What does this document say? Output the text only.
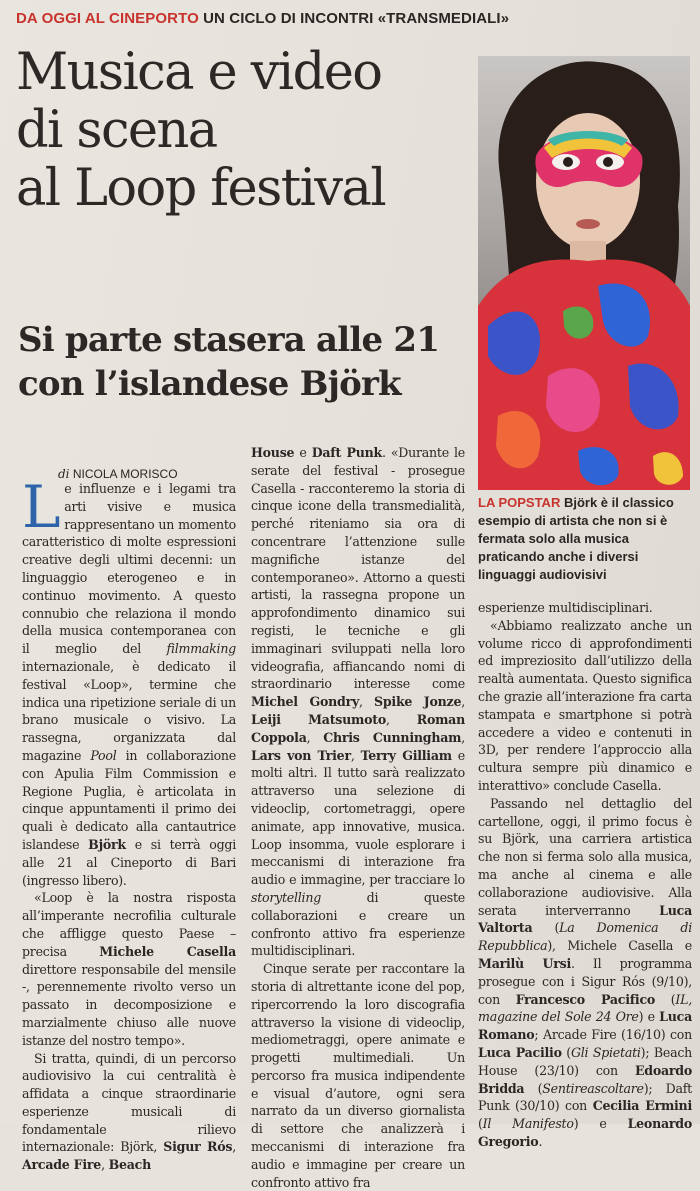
DA OGGI AL CINEPORTO UN CICLO DI INCONTRI «TRANSMEDIALI»
Musica e video
di scena
al Loop festival
Si parte stasera alle 21
con l’islandese Björk
LA POPSTAR Björk è il classico esempio di artista che non si è fermata solo alla musica praticando anche i diversi linguaggi audiovisivi
di NICOLA MORISCO

Le influenze e i legami tra arti visive e musica rappresentano un momento caratteristico di molte espressioni creative degli ultimi decenni: un linguaggio eterogeneo e in continuo movimento. A questo connubio che relaziona il mondo della musica contemporanea con il meglio del filmmaking internazionale, è dedicato il festival «Loop», termine che indica una ripetizione seriale di un brano musicale o visivo. La rassegna, organizzata dal magazine Pool in collaborazione con Apulia Film Commission e Regione Puglia, è articolata in cinque appuntamenti il primo dei quali è dedicato alla cantautrice islandese Björk e si terrà oggi alle 21 al Cineporto di Bari (ingresso libero).

«Loop è la nostra risposta all’imperante necrofilia culturale che affligge questo Paese – precisa Michele Casella direttore responsabile del mensile -, perennemente rivolto verso un passato in decomposizione e marzialmente chiuso alle nuove istanze del nostro tempo».

Si tratta, quindi, di un percorso audiovisivo la cui centralità è affidata a cinque straordinarie esperienze musicali di fondamentale rilievo internazionale: Björk, Sigur Rós, Arcade Fire, Beach

House e Daft Punk. «Durante le serate del festival - prosegue Casella - racconteremo la storia di cinque icone della transmedialità, perché riteniamo sia ora di concentrare l’attenzione sulle magnifiche istanze del contemporaneo». Attorno a questi artisti, la rassegna propone un approfondimento dinamico sui registi, le tecniche e gli immaginari sviluppati nella loro videografia, affiancando nomi di straordinario interesse come Michel Gondry, Spike Jonze, Leiji Matsumoto, Roman Coppola, Chris Cunningham, Lars von Trier, Terry Gilliam e molti altri. Il tutto sarà realizzato attraverso una selezione di videoclip, cortometraggi, opere animate, app innovative, musica. Loop insomma, vuole esplorare i meccanismi di interazione fra audio e immagine, per tracciare lo storytelling di queste collaborazioni e creare un confronto attivo fra esperienze multidisciplinari.

Cinque serate per raccontare la storia di altrettante icone del pop, ripercorrendo la loro discografia attraverso la visione di videoclip, mediometraggi, opere animate e progetti multimediali. Un percorso fra musica indipendente e visual d’autore, ogni sera narrato da un diverso giornalista di settore che analizzerà i meccanismi di interazione fra audio e immagine per creare un confronto attivo fra

esperienze multidisciplinari.

«Abbiamo realizzato anche un volume ricco di approfondimenti ed impreziosito dall’utilizzo della realtà aumentata. Questo significa che grazie all’interazione fra carta stampata e smartphone si potrà accedere a video e contenuti in 3D, per rendere l’approccio alla cultura sempre più dinamico e interattivo» conclude Casella.

Passando nel dettaglio del cartellone, oggi, il primo focus è su Björk, una carriera artistica che non si ferma solo alla musica, ma anche al cinema e alle collaborazione audiovisive. Alla serata interverranno Luca Valtorta (La Domenica di Repubblica), Michele Casella e Marilù Ursi. Il programma prosegue con i Sigur Rós (9/10), con Francesco Pacifico (IL, magazine del Sole 24 Ore) e Luca Romano; Arcade Fire (16/10) con Luca Pacilio (Gli Spietati); Beach House (23/10) con Edoardo Bridda (Sentireascoltare); Daft Punk (30/10) con Cecilia Ermini (Il Manifesto) e Leonardo Gregorio.
